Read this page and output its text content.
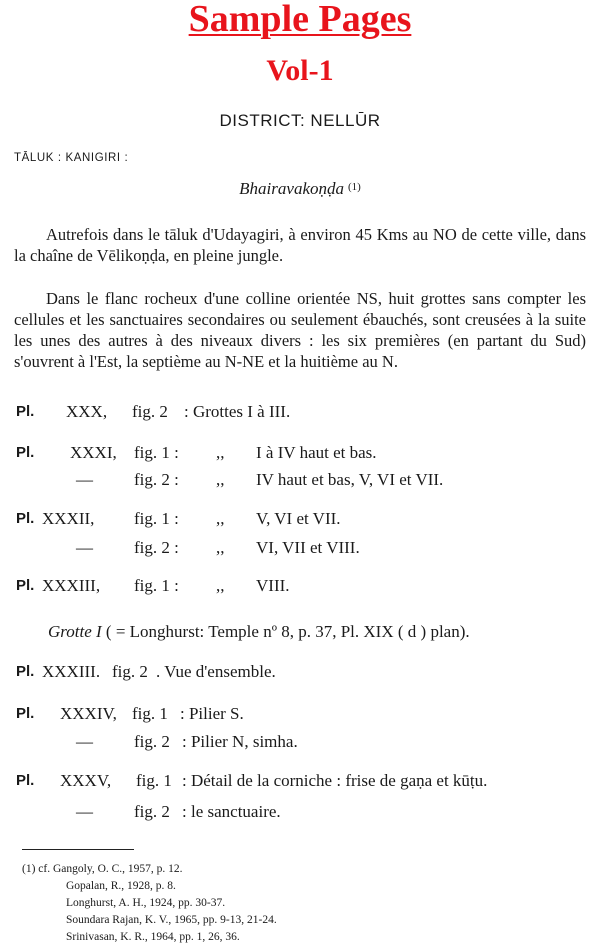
Sample Pages
Vol-1
DISTRICT: NELLŪR
TĀLUK : KANIGIRI :
Bhairavakoṇḍa $^{(1)}$
Autrefois dans le tāluk d'Udayagiri, à environ 45 Kms au NO de cette ville, dans la chaîne de Vēlikoṇḍa, en pleine jungle.
Dans le flanc rocheux d'une colline orientée NS, huit grottes sans compter les cellules et les sanctuaires secondaires ou seulement ébauchés, sont creusées à la suite les unes des autres à des niveaux divers : les six premières (en partant du Sud) s'ouvrent à l'Est, la septième au N-NE et la huitième au N.
Pl. XXX, fig. 2 : Grottes I à III.
Pl. XXXI, fig. 1 : ,, I à IV haut et bas.
— fig. 2 : ,, IV haut et bas, V, VI et VII.
Pl. XXXII, fig. 1 : ,, V, VI et VII.
— fig. 2 : ,, VI, VII et VIII.
Pl. XXXIII, fig. 1 : ,, VIII.
Grotte I ( = Longhurst: Temple nº 8, p. 37, Pl. XIX ( d ) plan).
Pl. XXXIII. fig. 2 . Vue d'ensemble.
Pl. XXXIV, fig. 1 : Pilier S.
— fig. 2 : Pilier N, simha.
Pl. XXXV, fig. 1 : Détail de la corniche : frise de gaṇa et kūṭu.
— fig. 2 : le sanctuaire.
(1) cf. Gangoly, O. C., 1957, p. 12.
Gopalan, R., 1928, p. 8.
Longhurst, A. H., 1924, pp. 30-37.
Soundara Rajan, K. V., 1965, pp. 9-13, 21-24.
Srinivasan, K. R., 1964, pp. 1, 26, 36.
